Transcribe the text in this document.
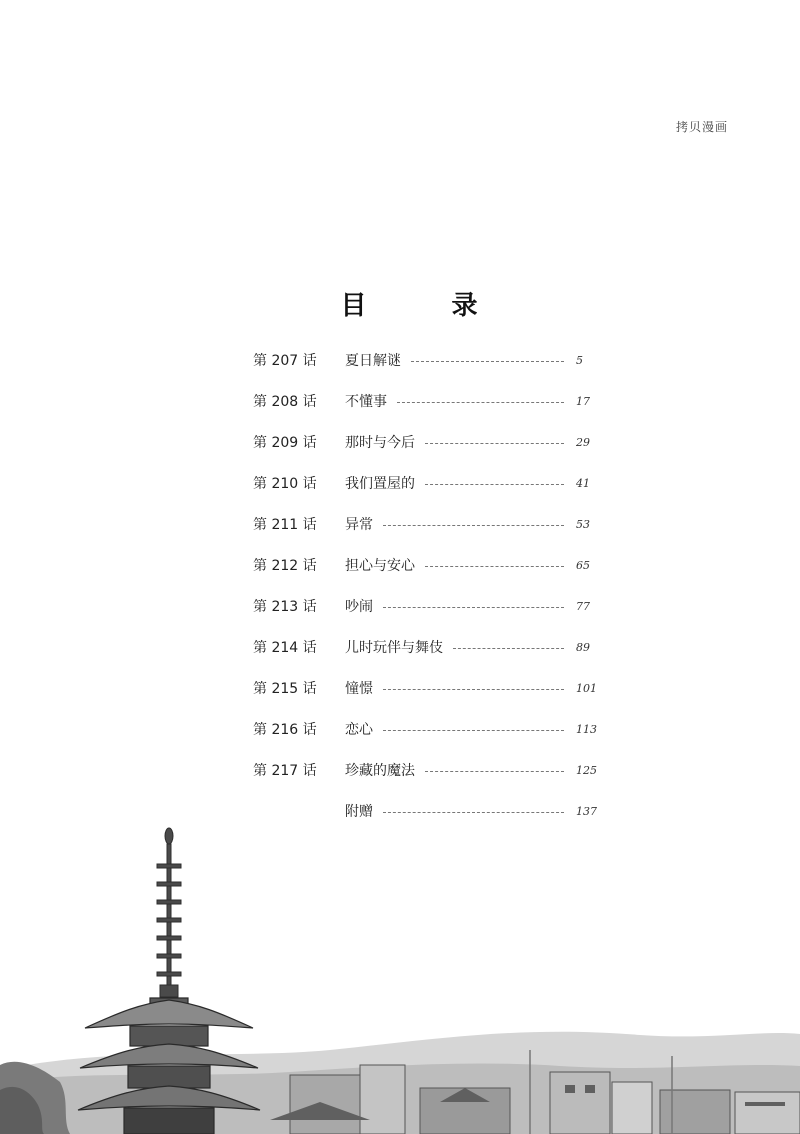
拷贝漫画
目 录
第 207 话	夏日解谜	5
第 208 话	不懂事	17
第 209 话	那时与今后	29
第 210 话	我们置屋的	41
第 211 话	异常	53
第 212 话	担心与安心	65
第 213 话	吵闹	77
第 214 话	儿时玩伴与舞伎	89
第 215 话	憧憬	101
第 216 话	恋心	113
第 217 话	珍藏的魔法	125
附赠	137
